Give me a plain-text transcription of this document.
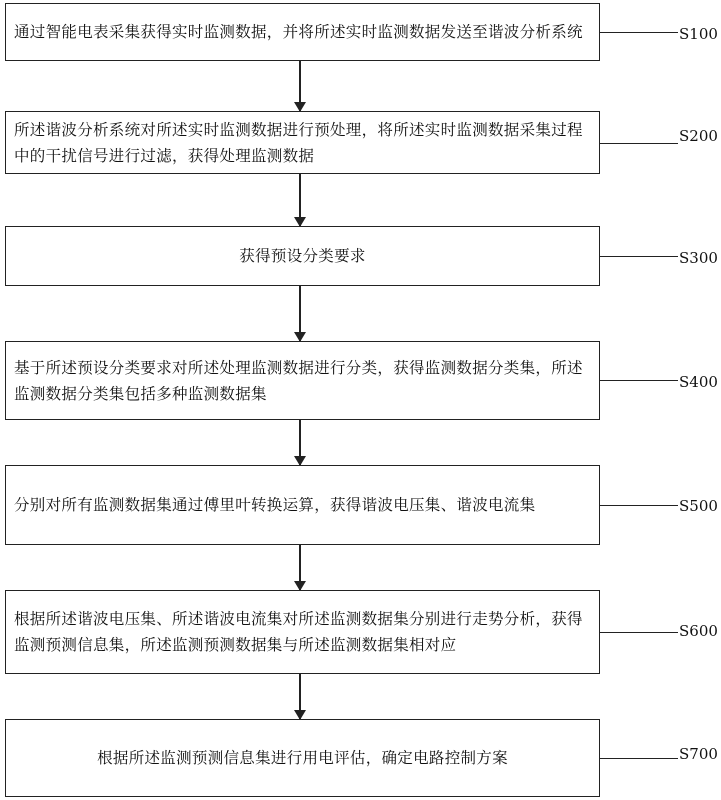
通过智能电表采集获得实时监测数据，并将所述实时监测数据发送至谐波分析系统
所述谐波分析系统对所述实时监测数据进行预处理，将所述实时监测数据采集过程中的干扰信号进行过滤，获得处理监测数据
获得预设分类要求
基于所述预设分类要求对所述处理监测数据进行分类，获得监测数据分类集，所述监测数据分类集包括多种监测数据集
分别对所有监测数据集通过傅里叶转换运算，获得谐波电压集、谐波电流集
根据所述谐波电压集、所述谐波电流集对所述监测数据集分别进行走势分析，获得监测预测信息集，所述监测预测数据集与所述监测数据集相对应
根据所述监测预测信息集进行用电评估，确定电路控制方案
S100
S200
S300
S400
S500
S600
S700
